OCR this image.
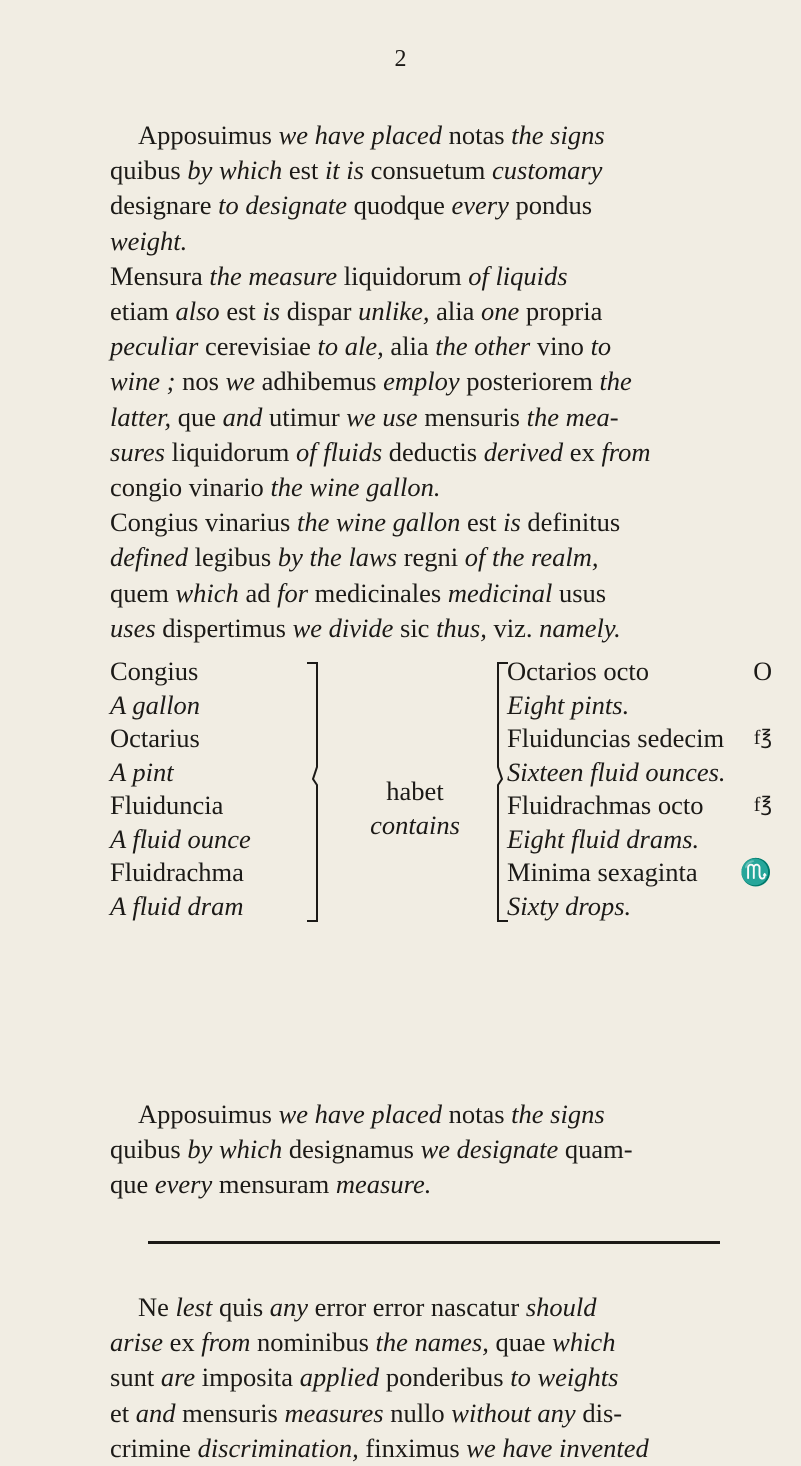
2
Apposuimus we have placed notas the signs
quibus by which est it is consuetum customary
designare to designate quodque every pondus
weight.
Mensura the measure liquidorum of liquids
etiam also est is dispar unlike, alia one propria
peculiar cerevisiae to ale, alia the other vino to
wine ; nos we adhibemus employ posteriorem the
latter, que and utimur we use mensuris the mea-
sures liquidorum of fluids deductis derived ex from
congio vinario the wine gallon.
Congius vinarius the wine gallon est is definitus
defined legibus by the laws regni of the realm,
quem which ad for medicinales medicinal usus
uses dispertimus we divide sic thus, viz. namely.
Congius
A gallon
Octarius
A pint
Fluiduncia
A fluid ounce
Fluidrachma
A fluid dram
habet
contains
Octarios octo	O
Eight pints.
Fluiduncias sedecim f℥
Sixteen fluid ounces.
Fluidrachmas octo	f℥
Eight fluid drams.
Minima sexaginta ♏
Sixty drops.
Apposuimus we have placed notas the signs
quibus by which designamus we designate quam-
que every mensuram measure.
Ne lest quis any error error nascatur should
arise ex from nominibus the names, quae which
sunt are imposita applied ponderibus to weights
et and mensuris measures nullo without any dis-
crimine discrimination, finximus we have invented
